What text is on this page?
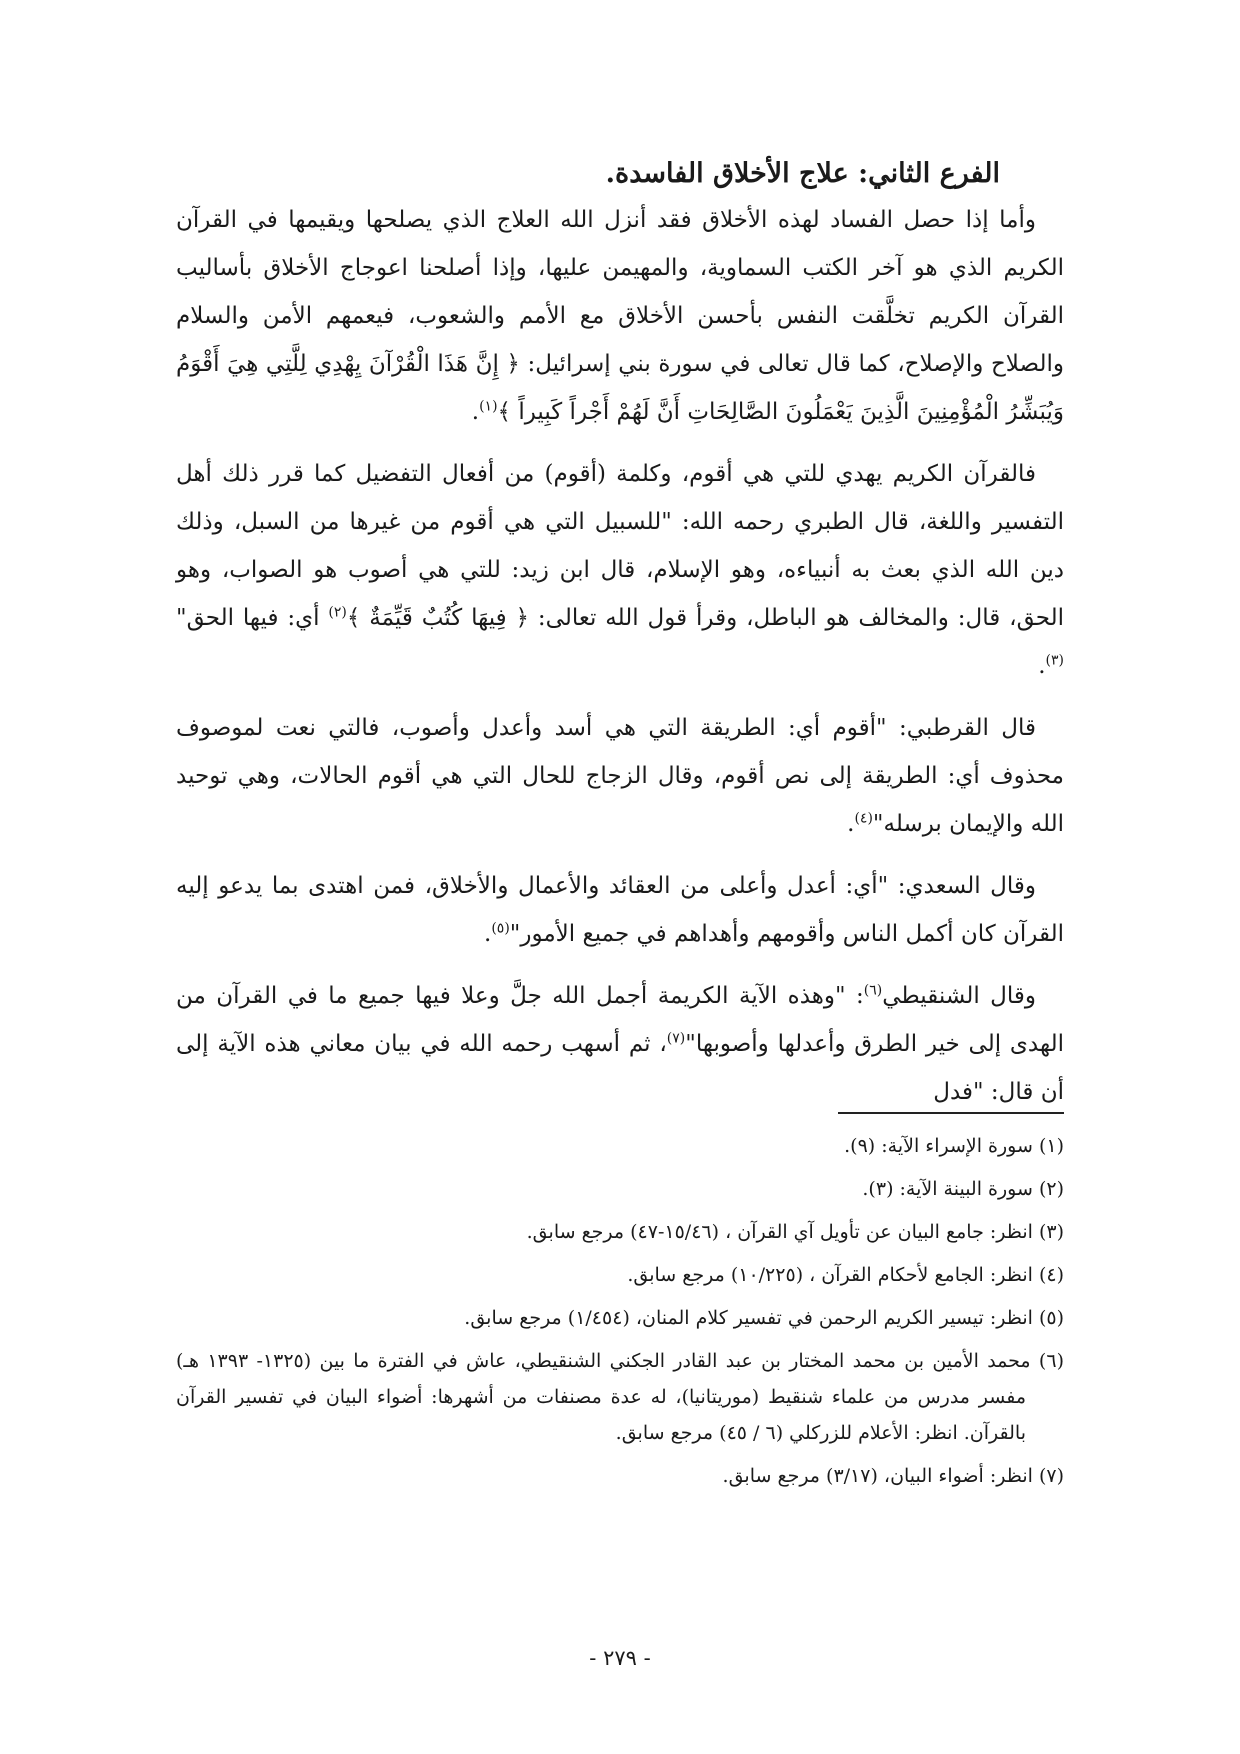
الفرع الثاني: علاج الأخلاق الفاسدة.

وأما إذا حصل الفساد لهذه الأخلاق فقد أنزل الله العلاج الذي يصلحها ويقيمها في القرآن الكريم الذي هو آخر الكتب السماوية، والمهيمن عليها، وإذا أصلحنا اعوجاج الأخلاق بأساليب القرآن الكريم تخلَّقت النفس بأحسن الأخلاق مع الأمم والشعوب، فيعمهم الأمن والسلام والصلاح والإصلاح، كما قال تعالى في سورة بني إسرائيل: ﴿ إِنَّ هَذَا الْقُرْآنَ يِهْدِي لِلَّتِي هِيَ أَقْوَمُ وَيُبَشِّرُ الْمُؤْمِنِينَ الَّذِينَ يَعْمَلُونَ الصَّالِحَاتِ أَنَّ لَهُمْ أَجْراً كَبِيراً ﴾$^{(١)}$.

فالقرآن الكريم يهدي للتي هي أقوم، وكلمة (أقوم) من أفعال التفضيل كما قرر ذلك أهل التفسير واللغة، قال الطبري رحمه الله: "للسبيل التي هي أقوم من غيرها من السبل، وذلك دين الله الذي بعث به أنبياءه، وهو الإسلام، قال ابن زيد: للتي هي أصوب هو الصواب، وهو الحق، قال: والمخالف هو الباطل، وقرأ قول الله تعالى: ﴿ فِيهَا كُتُبٌ قَيِّمَةٌ ﴾$^{(٢)}$ أي: فيها الحق"$^{(٣)}$.

قال القرطبي: "أقوم أي: الطريقة التي هي أسد وأعدل وأصوب، فالتي نعت لموصوف محذوف أي: الطريقة إلى نص أقوم، وقال الزجاج للحال التي هي أقوم الحالات، وهي توحيد الله والإيمان برسله"$^{(٤)}$.

وقال السعدي: "أي: أعدل وأعلى من العقائد والأعمال والأخلاق، فمن اهتدى بما يدعو إليه القرآن كان أكمل الناس وأقومهم وأهداهم في جميع الأمور"$^{(٥)}$.

وقال الشنقيطي$^{(٦)}$: "وهذه الآية الكريمة أجمل الله جلَّ وعلا فيها جميع ما في القرآن من الهدى إلى خير الطرق وأعدلها وأصوبها"$^{(٧)}$، ثم أسهب رحمه الله في بيان معاني هذه الآية إلى أن قال: "فدل

(١) سورة الإسراء الآية: (٩).
(٢) سورة البينة الآية: (٣).
(٣) انظر: جامع البيان عن تأويل آي القرآن ، (١٥/٤٦-٤٧) مرجع سابق.
(٤) انظر: الجامع لأحكام القرآن ، (١٠/٢٢٥) مرجع سابق.
(٥) انظر: تيسير الكريم الرحمن في تفسير كلام المنان، (١/٤٥٤) مرجع سابق.
(٦) محمد الأمين بن محمد المختار بن عبد القادر الجكني الشنقيطي، عاش في الفترة ما بين (١٣٢٥- ١٣٩٣ هـ) مفسر مدرس من علماء شنقيط (موريتانيا)، له عدة مصنفات من أشهرها: أضواء البيان في تفسير القرآن بالقرآن. انظر: الأعلام للزركلي (٦ / ٤٥) مرجع سابق.
(٧) انظر: أضواء البيان، (٣/١٧) مرجع سابق.
- ٢٧٩ -
